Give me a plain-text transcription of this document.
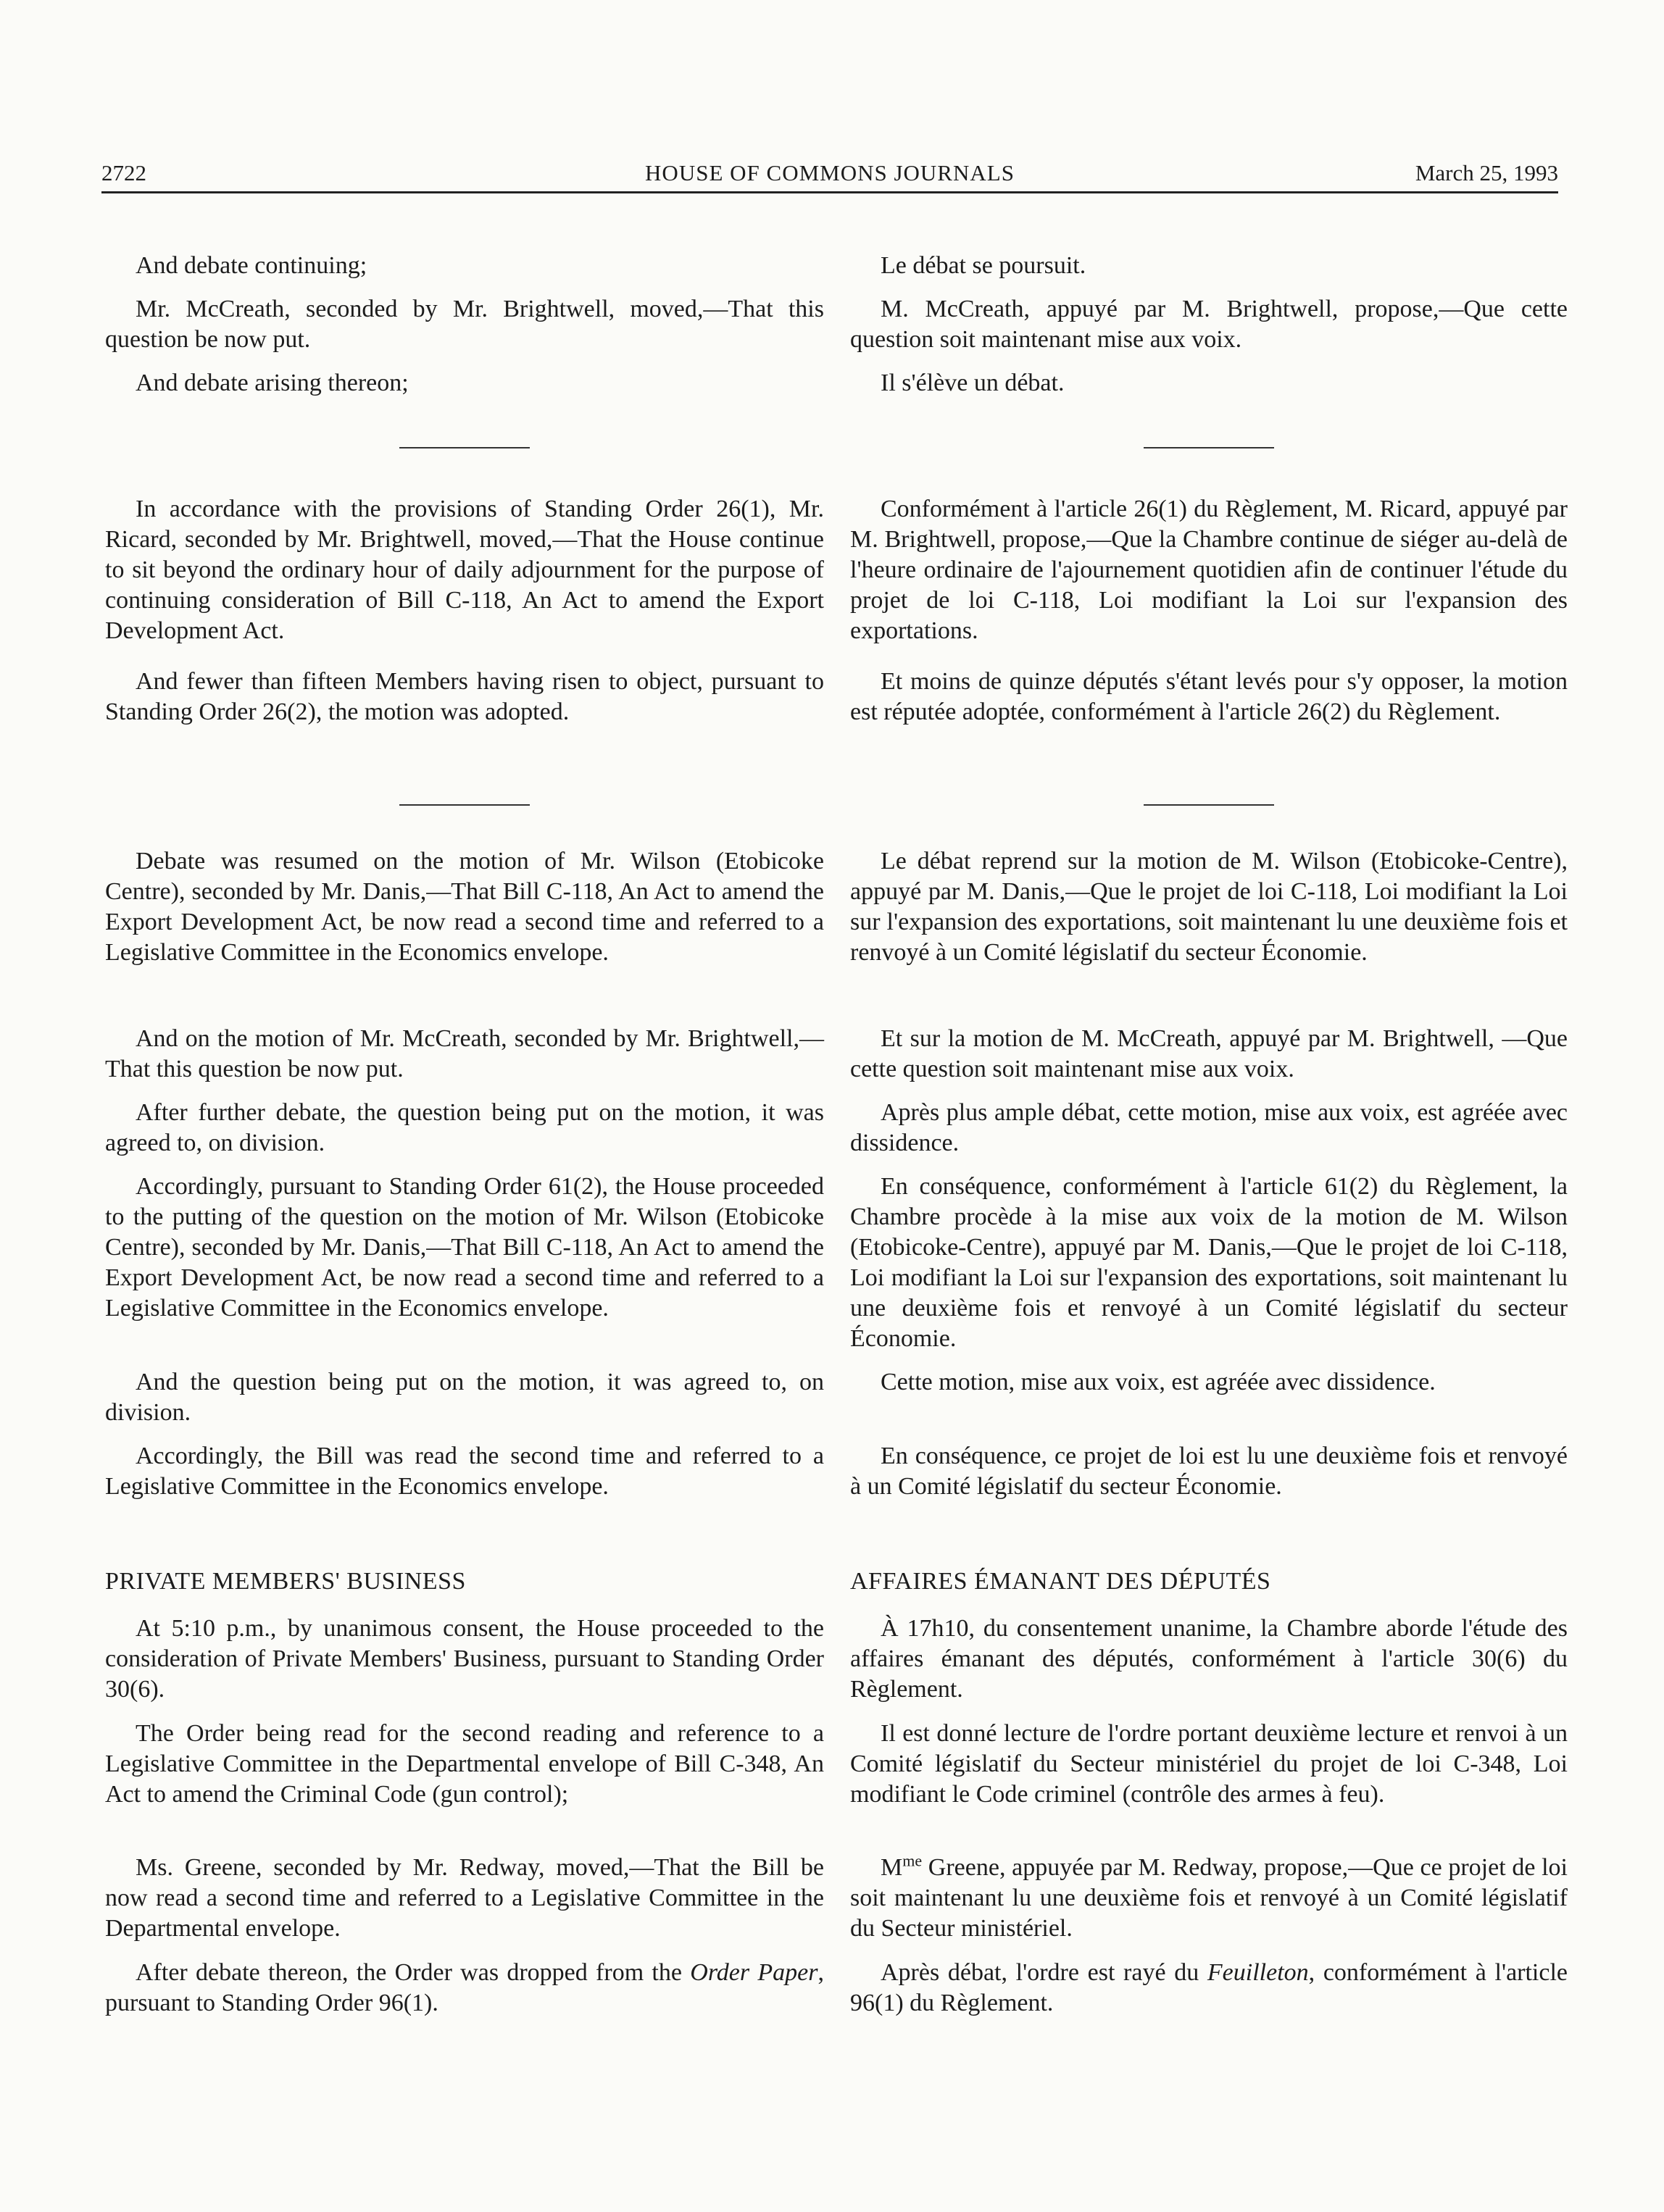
2722	HOUSE OF COMMONS JOURNALS	March 25, 1993

And debate continuing;

Mr. McCreath, seconded by Mr. Brightwell, moved,—That this question be now put.

And debate arising thereon;

In accordance with the provisions of Standing Order 26(1), Mr. Ricard, seconded by Mr. Brightwell, moved,—That the House continue to sit beyond the ordinary hour of daily adjournment for the purpose of continuing consideration of Bill C-118, An Act to amend the Export Development Act.

And fewer than fifteen Members having risen to object, pursuant to Standing Order 26(2), the motion was adopted.

Debate was resumed on the motion of Mr. Wilson (Etobicoke Centre), seconded by Mr. Danis,—That Bill C-118, An Act to amend the Export Development Act, be now read a second time and referred to a Legislative Committee in the Economics envelope.

And on the motion of Mr. McCreath, seconded by Mr. Brightwell,—That this question be now put.

After further debate, the question being put on the motion, it was agreed to, on division.

Accordingly, pursuant to Standing Order 61(2), the House proceeded to the putting of the question on the motion of Mr. Wilson (Etobicoke Centre), seconded by Mr. Danis,—That Bill C-118, An Act to amend the Export Development Act, be now read a second time and referred to a Legislative Committee in the Economics envelope.

And the question being put on the motion, it was agreed to, on division.

Accordingly, the Bill was read the second time and referred to a Legislative Committee in the Economics envelope.

PRIVATE MEMBERS' BUSINESS

At 5:10 p.m., by unanimous consent, the House proceeded to the consideration of Private Members' Business, pursuant to Standing Order 30(6).

The Order being read for the second reading and reference to a Legislative Committee in the Departmental envelope of Bill C-348, An Act to amend the Criminal Code (gun control);

Ms. Greene, seconded by Mr. Redway, moved,—That the Bill be now read a second time and referred to a Legislative Committee in the Departmental envelope.

After debate thereon, the Order was dropped from the Order Paper, pursuant to Standing Order 96(1).

Le débat se poursuit.

M. McCreath, appuyé par M. Brightwell, propose,—Que cette question soit maintenant mise aux voix.

Il s'élève un débat.

Conformément à l'article 26(1) du Règlement, M. Ricard, appuyé par M. Brightwell, propose,—Que la Chambre continue de siéger au-delà de l'heure ordinaire de l'ajournement quotidien afin de continuer l'étude du projet de loi C-118, Loi modifiant la Loi sur l'expansion des exportations.

Et moins de quinze députés s'étant levés pour s'y opposer, la motion est réputée adoptée, conformément à l'article 26(2) du Règlement.

Le débat reprend sur la motion de M. Wilson (Etobicoke-Centre), appuyé par M. Danis,—Que le projet de loi C-118, Loi modifiant la Loi sur l'expansion des exportations, soit maintenant lu une deuxième fois et renvoyé à un Comité législatif du secteur Économie.

Et sur la motion de M. McCreath, appuyé par M. Brightwell, —Que cette question soit maintenant mise aux voix.

Après plus ample débat, cette motion, mise aux voix, est agréée avec dissidence.

En conséquence, conformément à l'article 61(2) du Règlement, la Chambre procède à la mise aux voix de la motion de M. Wilson (Etobicoke-Centre), appuyé par M. Danis,—Que le projet de loi C-118, Loi modifiant la Loi sur l'expansion des exportations, soit maintenant lu une deuxième fois et renvoyé à un Comité législatif du secteur Économie.

Cette motion, mise aux voix, est agréée avec dissidence.

En conséquence, ce projet de loi est lu une deuxième fois et renvoyé à un Comité législatif du secteur Économie.

AFFAIRES ÉMANANT DES DÉPUTÉS

À 17h10, du consentement unanime, la Chambre aborde l'étude des affaires émanant des députés, conformément à l'article 30(6) du Règlement.

Il est donné lecture de l'ordre portant deuxième lecture et renvoi à un Comité législatif du Secteur ministériel du projet de loi C-348, Loi modifiant le Code criminel (contrôle des armes à feu).

$M^{me}$ Greene, appuyée par M. Redway, propose,—Que ce projet de loi soit maintenant lu une deuxième fois et renvoyé à un Comité législatif du Secteur ministériel.

Après débat, l'ordre est rayé du Feuilleton, conformément à l'article 96(1) du Règlement.
